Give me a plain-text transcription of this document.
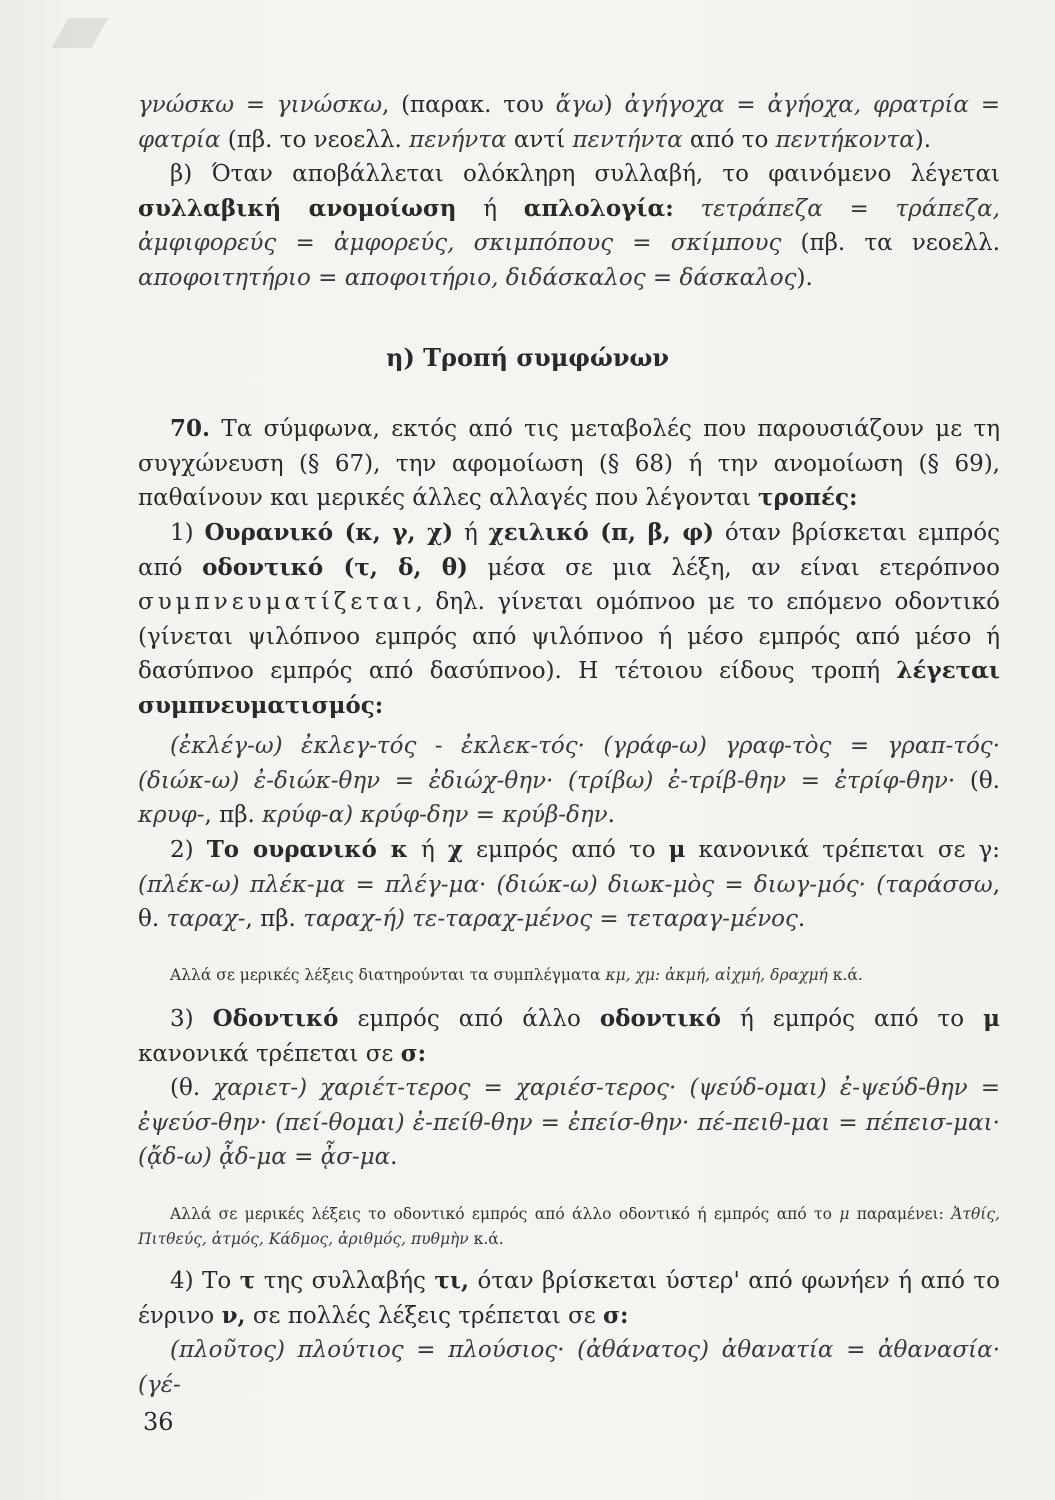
γνώσκω = γινώσκω, (παρακ. του ἄγω) ἀγήγοχα = ἀγήοχα, φρατρία = φατρία (πβ. το νεοελλ. πενήντα αντί πεντήντα από το πεντήκοντα).

β) Όταν αποβάλλεται ολόκληρη συλλαβή, το φαινόμενο λέγεται συλλαβική ανομοίωση ή απλολογία: τετράπεζα = τράπεζα, ἀμφιφορεύς = ἀμφορεύς, σκιμπόπους = σκίμπους (πβ. τα νεοελλ. αποφοιτητήριο = αποφοιτήριο, διδάσκαλος = δάσκαλος).

η) Τροπή συμφώνων

70. Τα σύμφωνα, εκτός από τις μεταβολές που παρουσιάζουν με τη συγχώνευση (§ 67), την αφομοίωση (§ 68) ή την ανομοίωση (§ 69), παθαίνουν και μερικές άλλες αλλαγές που λέγονται τροπές:

1) Ουρανικό (κ, γ, χ) ή χειλικό (π, β, φ) όταν βρίσκεται εμπρός από οδοντικό (τ, δ, θ) μέσα σε μια λέξη, αν είναι ετερόπνοο συμπνευματίζεται, δηλ. γίνεται ομόπνοο με το επόμενο οδοντικό (γίνεται ψιλόπνοο εμπρός από ψιλόπνοο ή μέσο εμπρός από μέσο ή δασύπνοο εμπρός από δασύπνοο). Η τέτοιου είδους τροπή λέγεται συμπνευματισμός:

(ἐκλέγ-ω) ἐκλεγ-τός - ἐκλεκ-τός· (γράφ-ω) γραφ-τὸς = γραπ-τός· (διώκ-ω) ἐ-διώκ-θην = ἐδιώχ-θην· (τρίβω) ἐ-τρίβ-θην = ἐτρίφ-θην· (θ. κρυφ-, πβ. κρύφ-α) κρύφ-δην = κρύβ-δην.

2) Το ουρανικό κ ή χ εμπρός από το μ κανονικά τρέπεται σε γ: (πλέκ-ω) πλέκ-μα = πλέγ-μα· (διώκ-ω) διωκ-μὸς = διωγ-μός· (ταράσσω, θ. ταραχ-, πβ. ταραχ-ή) τε-ταραχ-μένος = τεταραγ-μένος.

Αλλά σε μερικές λέξεις διατηρούνται τα συμπλέγματα κμ, χμ: ἀκμή, αἰχμή, δραχμή κ.ά.

3) Οδοντικό εμπρός από άλλο οδοντικό ή εμπρός από το μ κανονικά τρέπεται σε σ:

(θ. χαριετ-) χαριέτ-τερος = χαριέσ-τερος· (ψεύδ-ομαι) ἐ-ψεύδ-θην = ἐψεύσ-θην· (πεί-θομαι) ἐ-πείθ-θην = ἐπείσ-θην· πέ-πειθ-μαι = πέπεισ-μαι· (ᾄδ-ω) ᾆδ-μα = ᾆσ-μα.

Αλλά σε μερικές λέξεις το οδοντικό εμπρός από άλλο οδοντικό ή εμπρός από το μ παραμένει: Ἀτθίς, Πιτθεύς, ἀτμός, Κάδμος, ἀριθμός, πυθμὴν κ.ά.

4) Το τ της συλλαβής τι, όταν βρίσκεται ύστερ' από φωνήεν ή από το ένρινο ν, σε πολλές λέξεις τρέπεται σε σ:

(πλοῦτος) πλούτιος = πλούσιος· (ἀθάνατος) ἀθανατία = ἀθανασία· (γέ-

36
